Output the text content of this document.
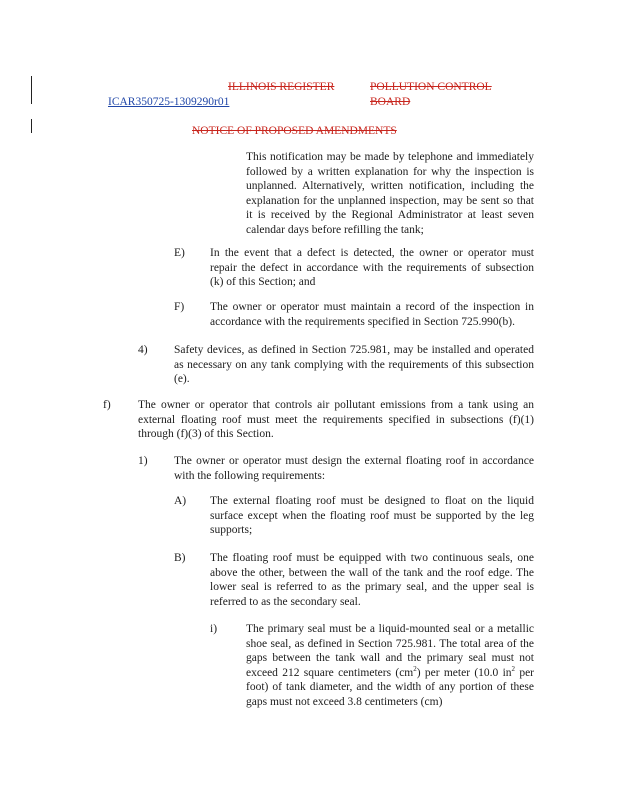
ILLINOIS REGISTER	POLLUTION CONTROL BOARD
ICAR350725-1309290r01
NOTICE OF PROPOSED AMENDMENTS
This notification may be made by telephone and immediately followed by a written explanation for why the inspection is unplanned. Alternatively, written notification, including the explanation for the unplanned inspection, may be sent so that it is received by the Regional Administrator at least seven calendar days before refilling the tank;
E) In the event that a defect is detected, the owner or operator must repair the defect in accordance with the requirements of subsection (k) of this Section; and
F) The owner or operator must maintain a record of the inspection in accordance with the requirements specified in Section 725.990(b).
4) Safety devices, as defined in Section 725.981, may be installed and operated as necessary on any tank complying with the requirements of this subsection (e).
f) The owner or operator that controls air pollutant emissions from a tank using an external floating roof must meet the requirements specified in subsections (f)(1) through (f)(3) of this Section.
1) The owner or operator must design the external floating roof in accordance with the following requirements:
A) The external floating roof must be designed to float on the liquid surface except when the floating roof must be supported by the leg supports;
B) The floating roof must be equipped with two continuous seals, one above the other, between the wall of the tank and the roof edge. The lower seal is referred to as the primary seal, and the upper seal is referred to as the secondary seal.
i)	The primary seal must be a liquid-mounted seal or a metallic shoe seal, as defined in Section 725.981. The total area of the gaps between the tank wall and the primary seal must not exceed 212 square centimeters $(cm^2)$ per meter (10.0 $in^2$ per foot) of tank diameter, and the width of any portion of these gaps must not exceed 3.8 centimeters (cm)
